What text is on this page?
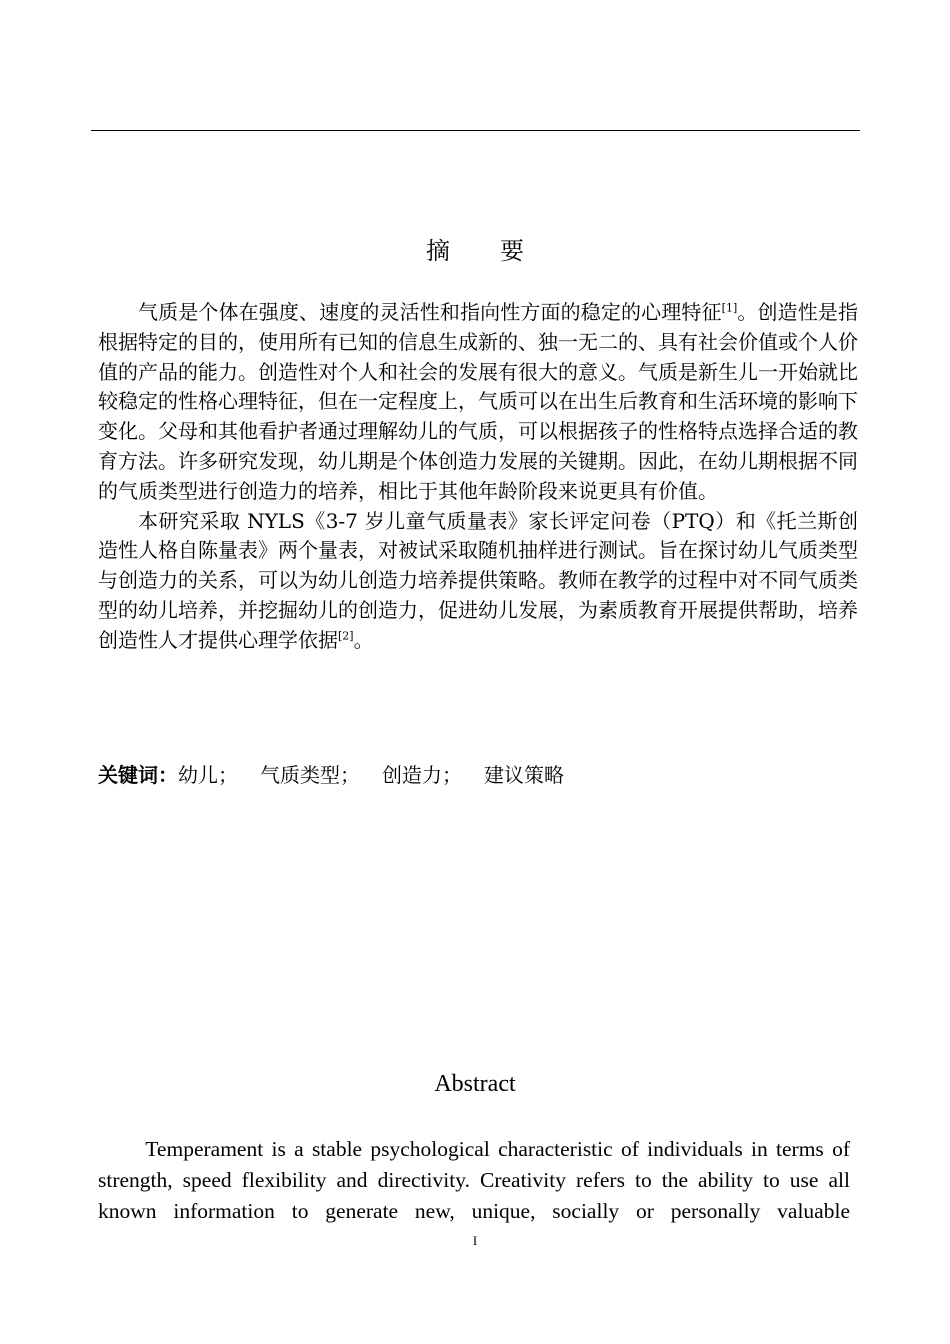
摘要

气质是个体在强度、速度的灵活性和指向性方面的稳定的心理特征[1]。创造性是指根据特定的目的，使用所有已知的信息生成新的、独一无二的、具有社会价值或个人价值的产品的能力。创造性对个人和社会的发展有很大的意义。气质是新生儿一开始就比较稳定的性格心理特征，但在一定程度上，气质可以在出生后教育和生活环境的影响下变化。父母和其他看护者通过理解幼儿的气质，可以根据孩子的性格特点选择合适的教育方法。许多研究发现，幼儿期是个体创造力发展的关键期。因此，在幼儿期根据不同的气质类型进行创造力的培养，相比于其他年龄阶段来说更具有价值。

本研究采取 NYLS《3-7 岁儿童气质量表》家长评定问卷（PTQ）和《托兰斯创造性人格自陈量表》两个量表，对被试采取随机抽样进行测试。旨在探讨幼儿气质类型与创造力的关系，可以为幼儿创造力培养提供策略。教师在教学的过程中对不同气质类型的幼儿培养，并挖掘幼儿的创造力，促进幼儿发展，为素质教育开展提供帮助，培养创造性人才提供心理学依据[2]。

关键词：幼儿； 气质类型； 创造力； 建议策略
Abstract

Temperament is a stable psychological characteristic of individuals in terms of strength, speed flexibility and directivity. Creativity refers to the ability to use all known information to generate new, unique, socially or personally valuable

I
